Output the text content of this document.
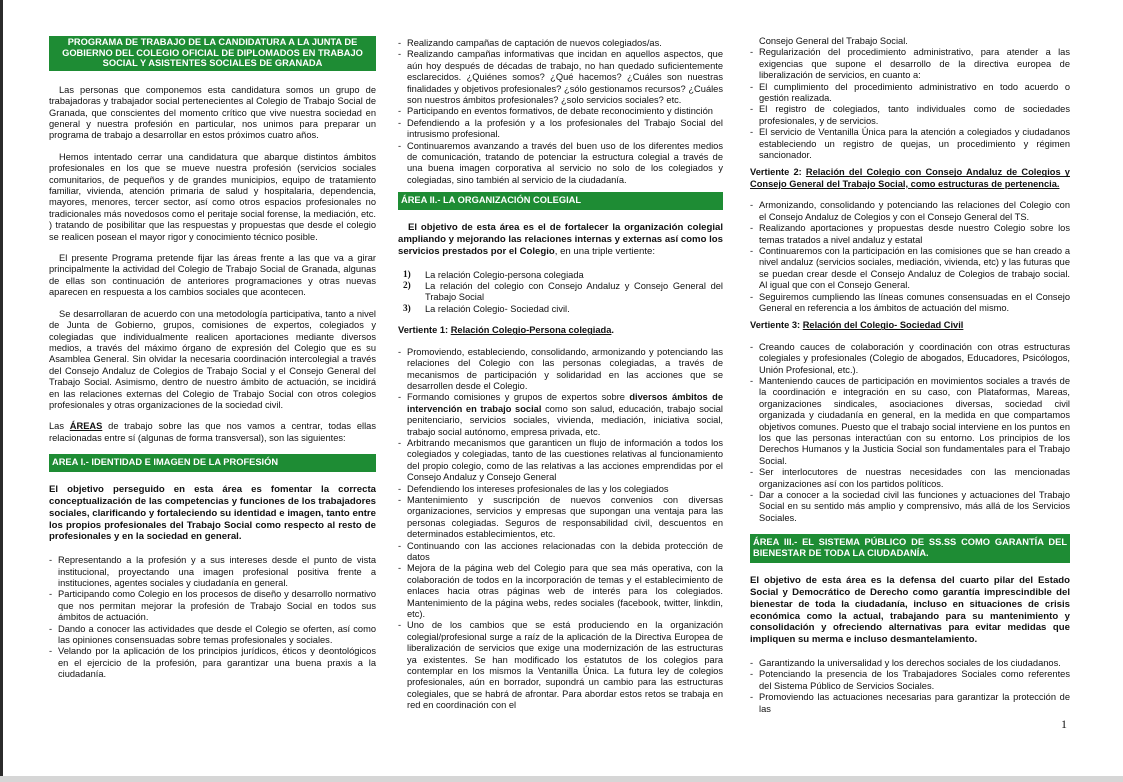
PROGRAMA DE TRABAJO DE LA CANDIDATURA A LA JUNTA DE GOBIERNO DEL COLEGIO OFICIAL DE DIPLOMADOS EN TRABAJO SOCIAL Y ASISTENTES SOCIALES DE GRANADA

Las personas que componemos esta candidatura somos un grupo de trabajadoras y trabajador social pertenecientes al Colegio de Trabajo Social de Granada, que conscientes del momento crítico que vive nuestra sociedad en general y nuestra profesión en particular, nos unimos para preparar un programa de trabajo a desarrollar en estos próximos cuatro años.

Hemos intentado cerrar una candidatura que abarque distintos ámbitos profesionales en los que se mueve nuestra profesión (servicios sociales comunitarios, de pequeños y de grandes municipios, equipo de tratamiento familiar, vivienda, atención primaria de salud y hospitalaria, dependencia, mayores, menores, tercer sector, así como otros espacios profesionales no tradicionales más novedosos como el peritaje social forense, la mediación, etc. ) tratando de posibilitar que las respuestas y propuestas que desde el colegio se realicen posean el mayor rigor y conocimiento técnico posible.

El presente Programa pretende fijar las áreas frente a las que va a girar principalmente la actividad del Colegio de Trabajo Social de Granada, algunas de ellas son continuación de anteriores programaciones y otras nuevas aparecen en respuesta a los cambios sociales que acontecen.

Se desarrollaran de acuerdo con una metodología participativa, tanto a nivel de Junta de Gobierno, grupos, comisiones de expertos, colegiados y colegiadas que individualmente realicen aportaciones mediante diversos medios, a través del máximo órgano de expresión del Colegio que es su Asamblea General. Sin olvidar la necesaria coordinación intercolegial a través del Consejo Andaluz de Colegios de Trabajo Social y el Consejo General del Trabajo Social. Asimismo, dentro de nuestro ámbito de actuación, se incidirá en las relaciones externas del Colegio de Trabajo Social con otros colegios profesionales y otras organizaciones de la sociedad civil.

Las ÁREAS de trabajo sobre las que nos vamos a centrar, todas ellas relacionadas entre sí (algunas de forma transversal), son las siguientes:

AREA I.- IDENTIDAD E IMAGEN DE LA PROFESIÓN

El objetivo perseguido en esta área es fomentar la correcta conceptualización de las competencias y funciones de los trabajadores sociales, clarificando y fortaleciendo su identidad e imagen, tanto entre los propios profesionales del Trabajo Social como respecto al resto de profesionales y en la sociedad en general.

- Representando a la profesión y a sus intereses desde el punto de vista institucional, proyectando una imagen profesional positiva frente a instituciones, agentes sociales y ciudadanía en general.
- Participando como Colegio en los procesos de diseño y desarrollo normativo que nos permitan mejorar la profesión de Trabajo Social en todos sus ámbitos de actuación.
- Dando a conocer las actividades que desde el Colegio se oferten, así como las opiniones consensuadas sobre temas profesionales y sociales.
- Velando por la aplicación de los principios jurídicos, éticos y deontológicos en el ejercicio de la profesión, para garantizar una buena praxis a la ciudadanía.
- Realizando campañas de captación de nuevos colegiados/as.
- Realizando campañas informativas que incidan en aquellos aspectos, que aún hoy después de décadas de trabajo, no han quedado suficientemente esclarecidos. ¿Quiénes somos? ¿Qué hacemos? ¿Cuáles son nuestras finalidades y objetivos profesionales? ¿sólo gestionamos recursos? ¿Cuáles son nuestros ámbitos profesionales? ¿solo servicios sociales? etc.
- Participando en eventos formativos, de debate reconocimiento y distinción
- Defendiendo a la profesión y a los profesionales del Trabajo Social del intrusismo profesional.
- Continuaremos avanzando a través del buen uso de los diferentes medios de comunicación, tratando de potenciar la estructura colegial a través de una buena imagen corporativa al servicio no solo de los colegiados y colegiadas, sino también al servicio de la ciudadanía.
ÁREA II.- LA ORGANIZACIÓN COLEGIAL

El objetivo de esta área es el de fortalecer la organización colegial ampliando y mejorando las relaciones internas y externas así como los servicios prestados por el Colegio, en una triple vertiente:

1) La relación Colegio-persona colegiada
2) La relación del colegio con Consejo Andaluz y Consejo General del Trabajo Social
3) La relación Colegio- Sociedad civil.
Vertiente 1: Relación Colegio-Persona colegiada.
- Promoviendo, estableciendo, consolidando, armonizando y potenciando las relaciones del Colegio con las personas colegiadas, a través de mecanismos de participación y solidaridad en las acciones que se desarrollen desde el Colegio.
- Formando comisiones y grupos de expertos sobre diversos ámbitos de intervención en trabajo social como son salud, educación, trabajo social penitenciario, servicios sociales, vivienda, mediación, iniciativa social, trabajo social autónomo, empresa privada, etc.
- Arbitrando mecanismos que garanticen un flujo de información a todos los colegiados y colegiadas, tanto de las cuestiones relativas al funcionamiento del propio colegio, como de las relativas a las acciones emprendidas por el Consejo Andaluz y Consejo General
- Defendiendo los intereses profesionales de las y los colegiados
- Mantenimiento y suscripción de nuevos convenios con diversas organizaciones, servicios y empresas que supongan una ventaja para las personas colegiadas. Seguros de responsabilidad civil, descuentos en determinados establecimientos, etc.
- Continuando con las acciones relacionadas con la debida protección de datos
- Mejora de la página web del Colegio para que sea más operativa, con la colaboración de todos en la incorporación de temas y el establecimiento de enlaces hacia otras páginas web de interés para los colegiados. Mantenimiento de la página webs, redes sociales (facebook, twitter, linkdin, etc).
- Uno de los cambios que se está produciendo en la organización colegial/profesional surge a raíz de la aplicación de la Directiva Europea de liberalización de servicios que exige una modernización de las estructuras ya existentes. Se han modificado los estatutos de los colegios para contemplar en los mismos la Ventanilla Única. La futura ley de colegios profesionales, aún en borrador, supondrá un cambio para las estructuras colegiales, que se habrá de afrontar. Para abordar estos retos se trabaja en red en coordinación con el
Consejo General del Trabajo Social.
- Regularización del procedimiento administrativo, para atender a las exigencias que supone el desarrollo de la directiva europea de liberalización de servicios, en cuanto a:
- El cumplimiento del procedimiento administrativo en todo acuerdo o gestión realizada.
- El registro de colegiados, tanto individuales como de sociedades profesionales, y de servicios.
- El servicio de Ventanilla Única para la atención a colegiados y ciudadanos estableciendo un registro de quejas, un procedimiento y régimen sancionador.
Vertiente 2: Relación del Colegio con Consejo Andaluz de Colegios y Consejo General del Trabajo Social, como estructuras de pertenencia.
- Armonizando, consolidando y potenciando las relaciones del Colegio con el Consejo Andaluz de Colegios y con el Consejo General del TS.
- Realizando aportaciones y propuestas desde nuestro Colegio sobre los temas tratados a nivel andaluz y estatal
- Continuaremos con la participación en las comisiones que se han creado a nivel andaluz (servicios sociales, mediación, vivienda, etc) y las futuras que se puedan crear desde el Consejo Andaluz de Colegios de trabajo social. Al igual que con el Consejo General.
- Seguiremos cumpliendo las líneas comunes consensuadas en el Consejo General en referencia a los ámbitos de actuación del mismo.
Vertiente 3: Relación del Colegio- Sociedad Civil
- Creando cauces de colaboración y coordinación con otras estructuras colegiales y profesionales (Colegio de abogados, Educadores, Psicólogos, Unión Profesional, etc.).
- Manteniendo cauces de participación en movimientos sociales a través de la coordinación e integración en su caso, con Plataformas, Mareas, organizaciones sindicales, asociaciones diversas, sociedad civil organizada y ciudadanía en general, en la medida en que compartamos objetivos comunes. Puesto que el trabajo social interviene en los puntos en los que las personas interactúan con su entorno. Los principios de los Derechos Humanos y la Justicia Social son fundamentales para el Trabajo Social.
- Ser interlocutores de nuestras necesidades con las mencionadas organizaciones así con los partidos políticos.
- Dar a conocer a la sociedad civil las funciones y actuaciones del Trabajo Social en su sentido más amplio y comprensivo, más allá de los Servicios Sociales.
ÁREA III.- EL SISTEMA PÚBLICO DE SS.SS COMO GARANTÍA DEL BIENESTAR DE TODA LA CIUDADANÍA.

El objetivo de esta área es la defensa del cuarto pilar del Estado Social y Democrático de Derecho como garantía imprescindible del bienestar de toda la ciudadanía, incluso en situaciones de crisis económica como la actual, trabajando para su mantenimiento y consolidación y ofreciendo alternativas para evitar medidas que impliquen su merma e incluso desmantelamiento.

- Garantizando la universalidad y los derechos sociales de los ciudadanos.
- Potenciando la presencia de los Trabajadores Sociales como referentes del Sistema Público de Servicios Sociales.
- Promoviendo las actuaciones necesarias para garantizar la protección de las
1
